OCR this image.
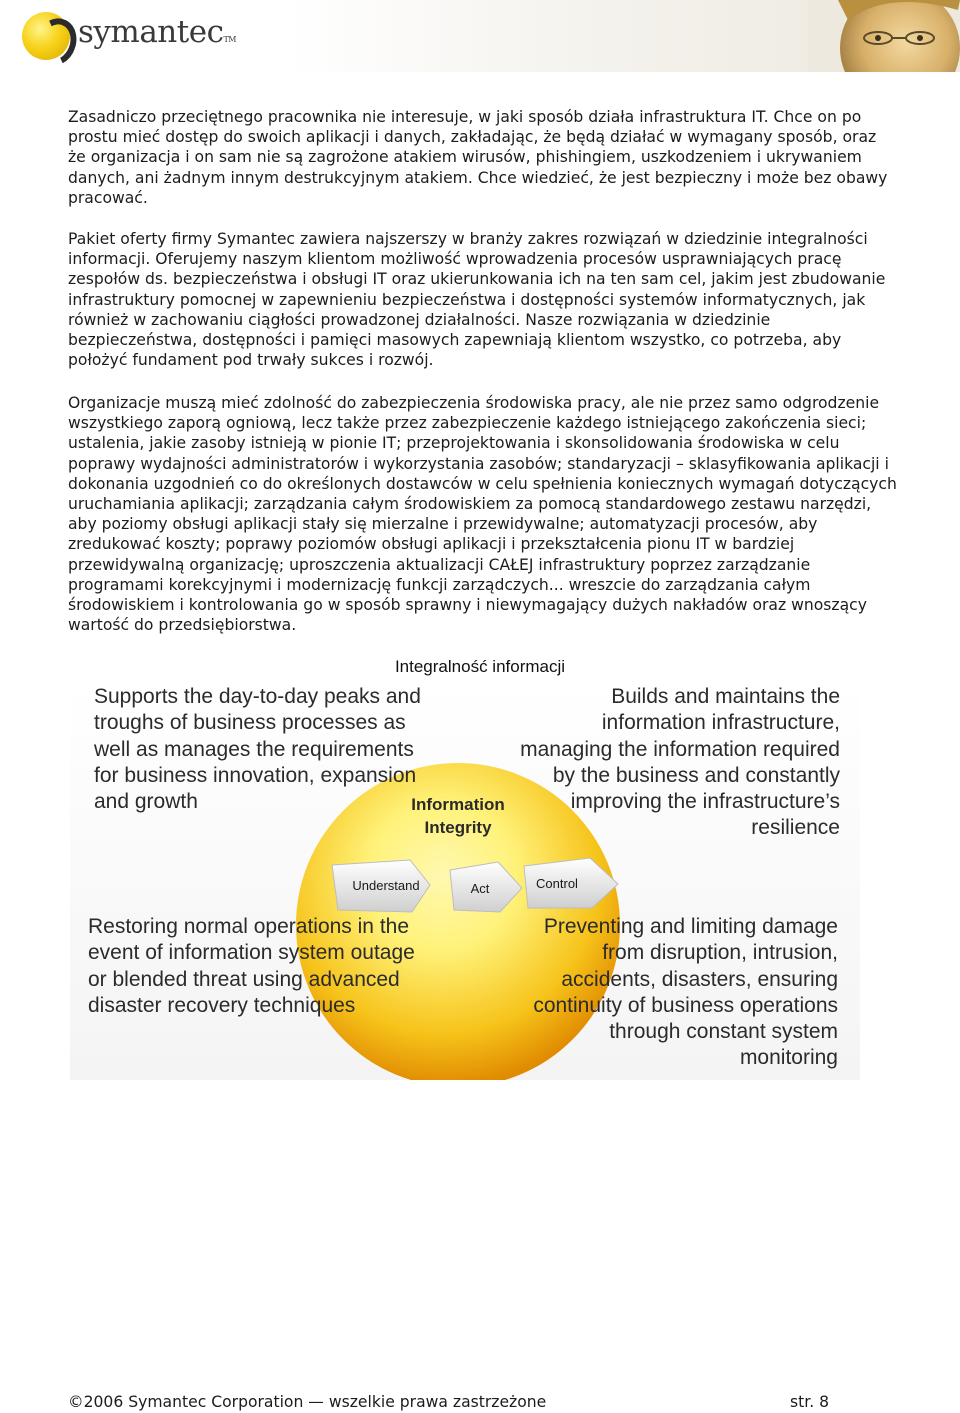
symantecTM

Zasadniczo przeciętnego pracownika nie interesuje, w jaki sposób działa infrastruktura IT. Chce on po prostu mieć dostęp do swoich aplikacji i danych, zakładając, że będą działać w wymagany sposób, oraz że organizacja i on sam nie są zagrożone atakiem wirusów, phishingiem, uszkodzeniem i ukrywaniem danych, ani żadnym innym destrukcyjnym atakiem. Chce wiedzieć, że jest bezpieczny i może bez obawy pracować.

Pakiet oferty firmy Symantec zawiera najszerszy w branży zakres rozwiązań w dziedzinie integralności informacji. Oferujemy naszym klientom możliwość wprowadzenia procesów usprawniających pracę zespołów ds. bezpieczeństwa i obsługi IT oraz ukierunkowania ich na ten sam cel, jakim jest zbudowanie infrastruktury pomocnej w zapewnieniu bezpieczeństwa i dostępności systemów informatycznych, jak również w zachowaniu ciągłości prowadzonej działalności. Nasze rozwiązania w dziedzinie bezpieczeństwa, dostępności i pamięci masowych zapewniają klientom wszystko, co potrzeba, aby położyć fundament pod trwały sukces i rozwój.

Organizacje muszą mieć zdolność do zabezpieczenia środowiska pracy, ale nie przez samo odgrodzenie wszystkiego zaporą ogniową, lecz także przez zabezpieczenie każdego istniejącego zakończenia sieci; ustalenia, jakie zasoby istnieją w pionie IT; przeprojektowania i skonsolidowania środowiska w celu poprawy wydajności administratorów i wykorzystania zasobów; standaryzacji – sklasyfikowania aplikacji i dokonania uzgodnień co do określonych dostawców w celu spełnienia koniecznych wymagań dotyczących uruchamiania aplikacji; zarządzania całym środowiskiem za pomocą standardowego zestawu narzędzi, aby poziomy obsługi aplikacji stały się mierzalne i przewidywalne; automatyzacji procesów, aby zredukować koszty; poprawy poziomów obsługi aplikacji i przekształcenia pionu IT w bardziej przewidywalną organizację; uproszczenia aktualizacji CAŁEJ infrastruktury poprzez zarządzanie programami korekcyjnymi i modernizację funkcji zarządczych... wreszcie do zarządzania całym środowiskiem i kontrolowania go w sposób sprawny i niewymagający dużych nakładów oraz wnoszący wartość do przedsiębiorstwa.

Integralność informacji
Information
Integrity
Understand	Act	Control

Supports the day-to-day peaks and troughs of business processes as well as manages the requirements for business innovation, expansion and growth

Builds and maintains the information infrastructure, managing the information required by the business and constantly improving the infrastructure’s resilience

Restoring normal operations in the event of information system outage or blended threat using advanced disaster recovery techniques

Preventing and limiting damage from disruption, intrusion, accidents, disasters, ensuring continuity of business operations through constant system monitoring

©2006 Symantec Corporation — wszelkie prawa zastrzeżone	str. 8
